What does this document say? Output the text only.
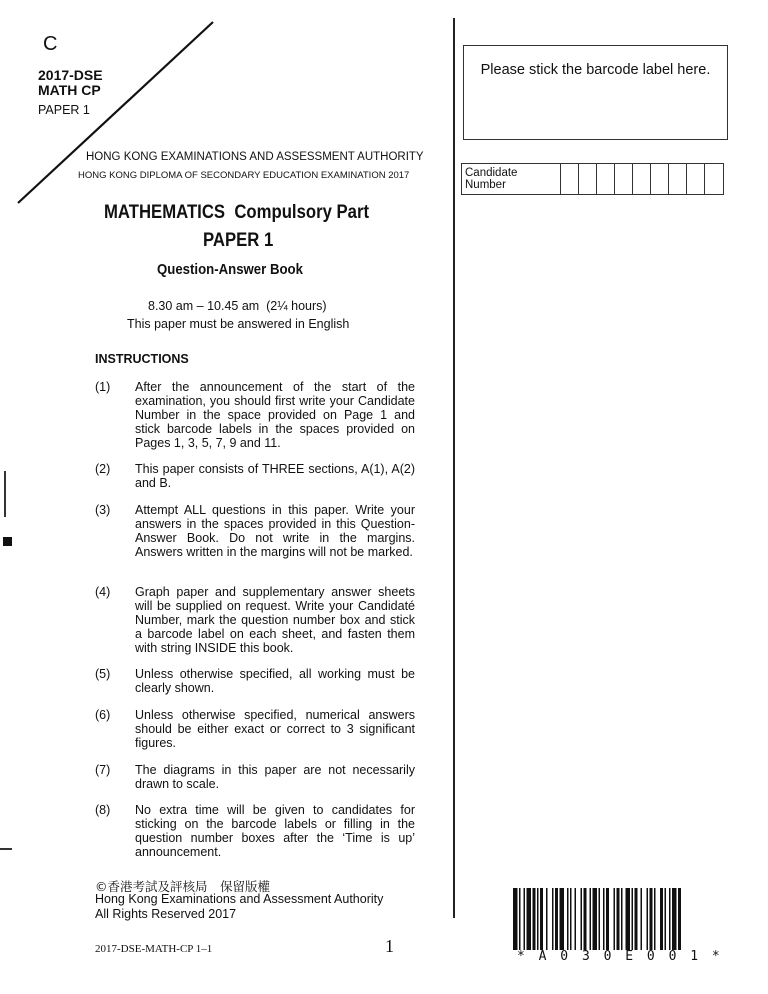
C
2017-DSE
MATH CP
PAPER 1
HONG KONG EXAMINATIONS AND ASSESSMENT AUTHORITY
HONG KONG DIPLOMA OF SECONDARY EDUCATION EXAMINATION 2017
MATHEMATICS  Compulsory Part
PAPER 1
Question-Answer Book
8.30 am – 10.45 am  (2¼ hours)
This paper must be answered in English
INSTRUCTIONS
(1)	After the announcement of the start of the examination, you should first write your Candidate Number in the space provided on Page 1 and stick barcode labels in the spaces provided on Pages 1, 3, 5, 7, 9 and 11.
(2)	This paper consists of THREE sections, A(1), A(2) and B.
(3)	Attempt ALL questions in this paper. Write your answers in the spaces provided in this Question-Answer Book. Do not write in the margins. Answers written in the margins will not be marked.
(4)	Graph paper and supplementary answer sheets will be supplied on request. Write your Candidaté Number, mark the question number box and stick a barcode label on each sheet, and fasten them with string INSIDE this book.
(5)	Unless otherwise specified, all working must be clearly shown.
(6)	Unless otherwise specified, numerical answers should be either exact or correct to 3 significant figures.
(7)	The diagrams in this paper are not necessarily drawn to scale.
(8)	No extra time will be given to candidates for sticking on the barcode labels or filling in the question number boxes after the ‘Time is up’ announcement.
©香港考試及評核局　保留版權
Hong Kong Examinations and Assessment Authority
All Rights Reserved 2017
2017-DSE-MATH-CP 1–1	1
Please stick the barcode label here.
Candidate Number
* A 0 3 0 E 0 0 1 *
